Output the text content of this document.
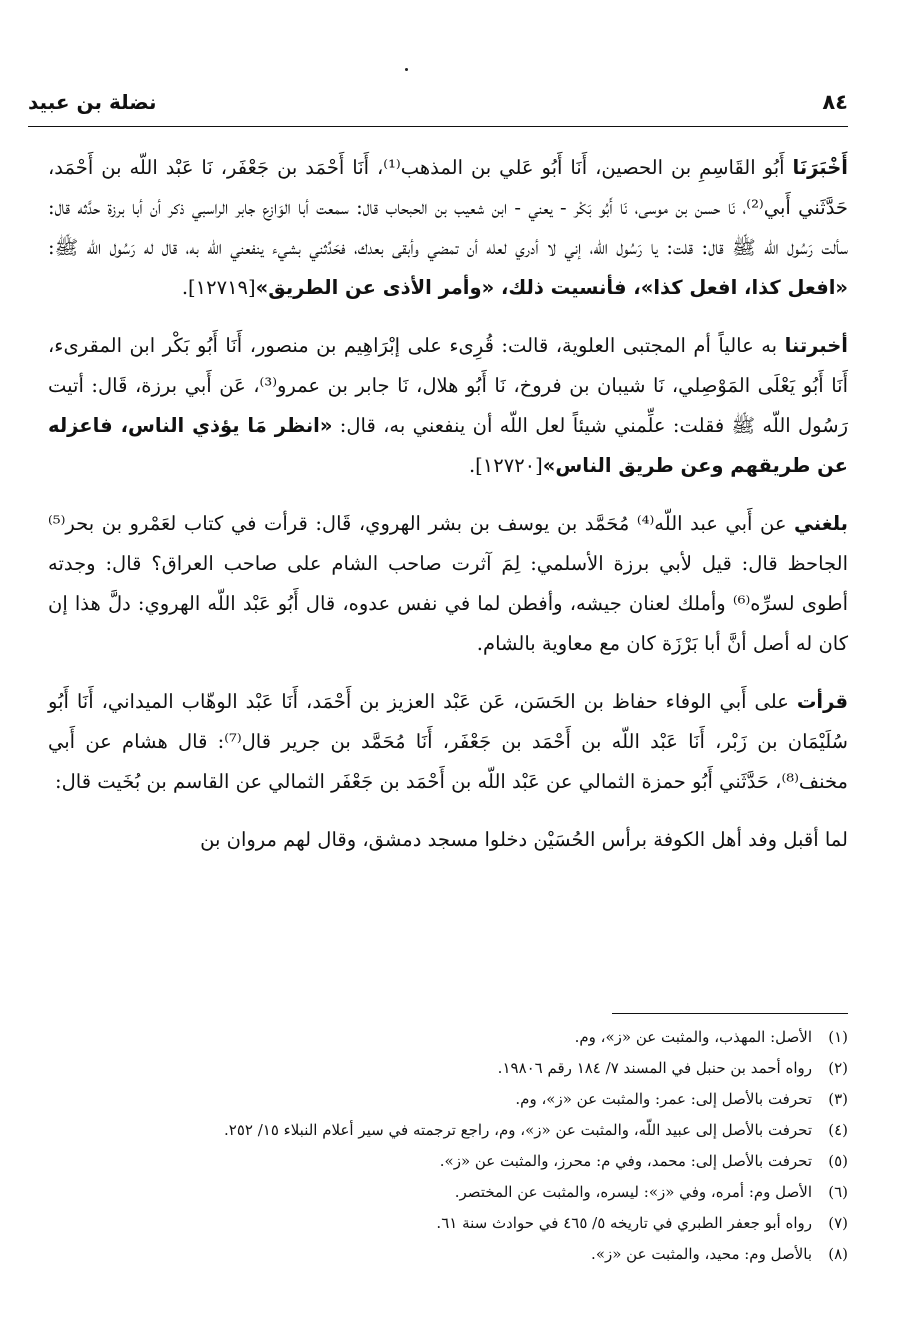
٨٤
نضلة بن عبيد

أَخْبَرَنَا أَبُو القَاسِمِ بن الحصين، أَنَا أَبُو عَلي بن المذهب⁽¹⁾، أَنَا أَحْمَد بن جَعْفَر، نَا عَبْد اللّه بن أَحْمَد، حَدَّثَني أَبي⁽²⁾، نَا حسن بن موسى، نَا أَبُو بَكْر - يعني - ابن شعيب بن الحبحاب قال: سمعت أبا الوَازع جابر الراسبي ذكر أن أبا برزة حدَّثه قال: سألت رَسُول اللّه ﷺ قال: قلت: يا رَسُول اللّه، إني لا أدري لعله أن تمضي وأبقى بعدك، فحَدِّثني بشيء ينفعني اللّه به، قال له رَسُول اللّه ﷺ: «افعل كذا، افعل كذا»، فأنسيت ذلك، «وأمر الأذى عن الطريق»[١٢٧١٩].

أخبرتنا به عالياً أم المجتبى العلوية، قالت: قُرِىء على إبْرَاهِيم بن منصور، أَنَا أَبُو بَكْر ابن المقرىء، أَنَا أَبُو يَعْلَى المَوْصِلي، نَا شيبان بن فروخ، نَا أَبُو هلال، نَا جابر بن عمرو⁽³⁾، عَن أَبي برزة، قَال: أتيت رَسُول اللّه ﷺ فقلت: علِّمني شيئاً لعل اللّه أن ينفعني به، قال: «انظر مَا يؤذي الناس، فاعزله عن طريقهم وعن طريق الناس»[١٢٧٢٠].

بلغني عن أَبي عبد اللّه⁽⁴⁾ مُحَمَّد بن يوسف بن بشر الهروي، قَال: قرأت في كتاب لعَمْرو بن بحر⁽⁵⁾ الجاحظ قال: قيل لأبي برزة الأسلمي: لِمَ آثرت صاحب الشام على صاحب العراق؟ قال: وجدته أطوى لسرِّه⁽⁶⁾ وأملك لعنان جيشه، وأفطن لما في نفس عدوه، قال أَبُو عَبْد اللّه الهروي: دلَّ هذا إن كان له أصل أنَّ أبا بَرْزَة كان مع معاوية بالشام.

قرأت على أَبي الوفاء حفاظ بن الحَسَن، عَن عَبْد العزيز بن أَحْمَد، أَنَا عَبْد الوهّاب الميداني، أَنَا أَبُو سُلَيْمَان بن زَبْر، أَنَا عَبْد اللّه بن أَحْمَد بن جَعْفَر، أَنَا مُحَمَّد بن جرير قال⁽⁷⁾: قال هشام عن أَبي مخنف⁽⁸⁾، حَدَّثَني أَبُو حمزة الثمالي عن عَبْد اللّه بن أَحْمَد بن جَعْفَر الثمالي عن القاسم بن بُخَيت قال:

لما أقبل وفد أهل الكوفة برأس الحُسَيْن دخلوا مسجد دمشق، وقال لهم مروان بن

(١)
الأصل: المهذب، والمثبت عن «ز»، وم.
(٢)
رواه أحمد بن حنبل في المسند ٧/ ١٨٤ رقم ١٩٨٠٦.
(٣)
تحرفت بالأصل إلى: عمر: والمثبت عن «ز»، وم.
(٤)
تحرفت بالأصل إلى عبيد اللّه، والمثبت عن «ز»، وم، راجع ترجمته في سير أعلام النبلاء ١٥/ ٢٥٢.
(٥)
تحرفت بالأصل إلى: محمد، وفي م: محرز، والمثبت عن «ز».
(٦)
الأصل وم: أمره، وفي «ز»: ليسره، والمثبت عن المختصر.
(٧)
رواه أبو جعفر الطبري في تاريخه ٥/ ٤٦٥ في حوادث سنة ٦١.
(٨)
بالأصل وم: محيد، والمثبت عن «ز».
